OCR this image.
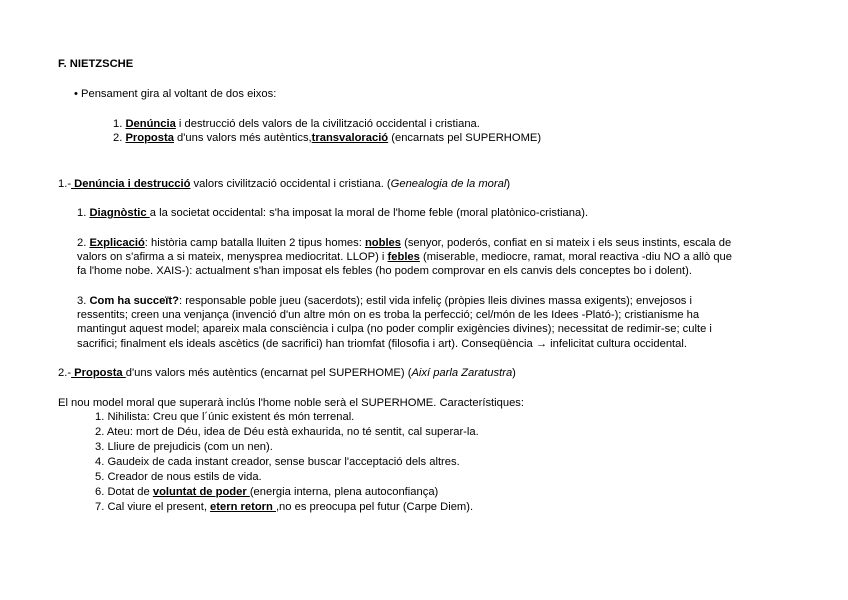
F. NIETZSCHE
• Pensament gira al voltant de dos eixos:
1. Denúncia i destrucció dels valors de la civilització occidental i cristiana.
2. Proposta d'uns valors més autèntics,transvaloració (encarnats pel SUPERHOME)
1.- Denúncia i destrucció valors civilització occidental i cristiana. (Genealogia de la moral)
1. Diagnòstic a la societat occidental: s'ha imposat la moral de l'home feble (moral platònico-cristiana).
2. Explicació: història camp batalla lluiten 2 tipus homes: nobles (senyor, poderós, confiat en si mateix i els seus instints, escala de
valors on s'afirma a si mateix, menysprea mediocritat. LLOP) i febles (miserable, mediocre, ramat, moral reactiva -diu NO a allò que
fa l'home nobe. XAIS-): actualment s'han imposat els febles (ho podem comprovar en els canvis dels conceptes bo i dolent).
3. Com ha succeït?: responsable poble jueu (sacerdots); estil vida infeliç (pròpies lleis divines massa exigents); envejosos i
ressentits; creen una venjança (invenció d'un altre món on es troba la perfecció; cel/món de les Idees -Plató-); cristianisme ha
mantingut aquest model; apareix mala consciència i culpa (no poder complir exigències divines); necessitat de redimir-se; culte i
sacrifici; finalment els ideals ascètics (de sacrifici) han triomfat (filosofia i art). Conseqüència → infelicitat cultura occidental.
2.- Proposta d'uns valors més autèntics (encarnat pel SUPERHOME) (Així parla Zaratustra)
El nou model moral que superarà inclús l'home noble serà el SUPERHOME. Característiques:
1. Nihilista: Creu que l´únic existent és món terrenal.
2. Ateu: mort de Déu, idea de Déu està exhaurida, no té sentit, cal superar-la.
3. Lliure de prejudicis (com un nen).
4. Gaudeix de cada instant creador, sense buscar l'acceptació dels altres.
5. Creador de nous estils de vida.
6. Dotat de voluntat de poder (energia interna, plena autoconfiança)
7. Cal viure el present, etern retorn ,no es preocupa pel futur (Carpe Diem).
